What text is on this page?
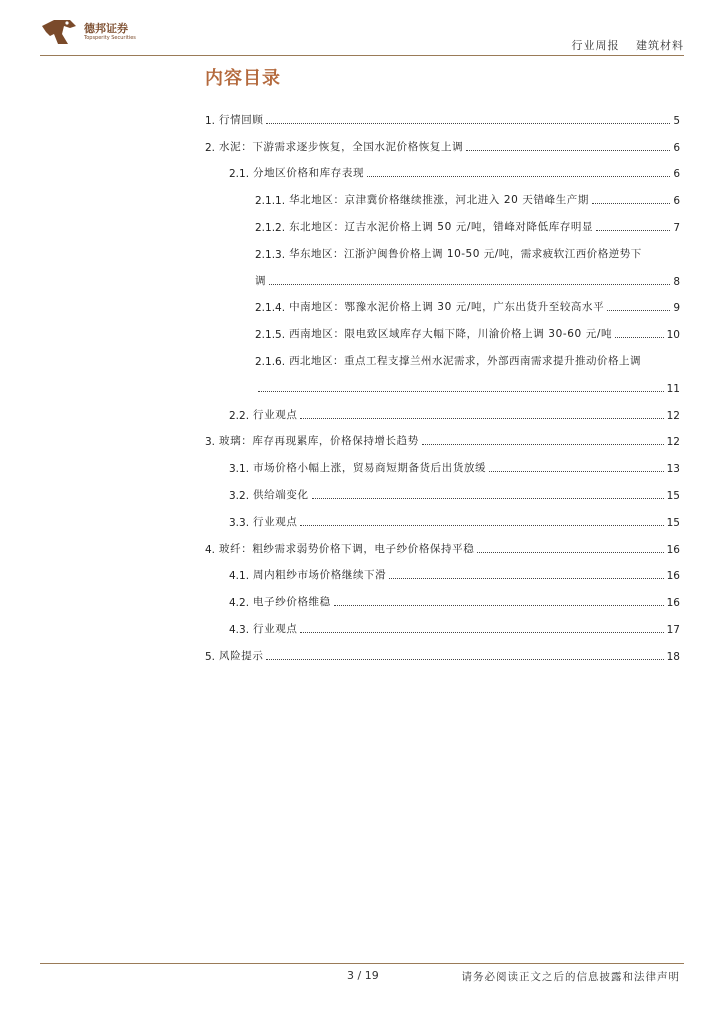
德邦证券
Topsperity Securities
行业周报 建筑材料
内容目录
1. 行情回顾	5
2. 水泥：下游需求逐步恢复，全国水泥价格恢复上调	6
2.1. 分地区价格和库存表现	6
2.1.1. 华北地区：京津冀价格继续推涨，河北进入 20 天错峰生产期	6
2.1.2. 东北地区：辽吉水泥价格上调 50 元/吨，错峰对降低库存明显	7
2.1.3. 华东地区：江浙沪闽鲁价格上调 10-50 元/吨，需求疲软江西价格逆势下
调	8
2.1.4. 中南地区：鄂豫水泥价格上调 30 元/吨，广东出货升至较高水平	9
2.1.5. 西南地区：限电致区域库存大幅下降，川渝价格上调 30-60 元/吨	10
2.1.6. 西北地区：重点工程支撑兰州水泥需求，外部西南需求提升推动价格上调
11
2.2. 行业观点	12
3. 玻璃：库存再现累库，价格保持增长趋势	12
3.1. 市场价格小幅上涨，贸易商短期备货后出货放缓	13
3.2. 供给端变化	15
3.3. 行业观点	15
4. 玻纤：粗纱需求弱势价格下调，电子纱价格保持平稳	16
4.1. 周内粗纱市场价格继续下滑	16
4.2. 电子纱价格维稳	16
4.3. 行业观点	17
5. 风险提示	18
3 / 19	请务必阅读正文之后的信息披露和法律声明
